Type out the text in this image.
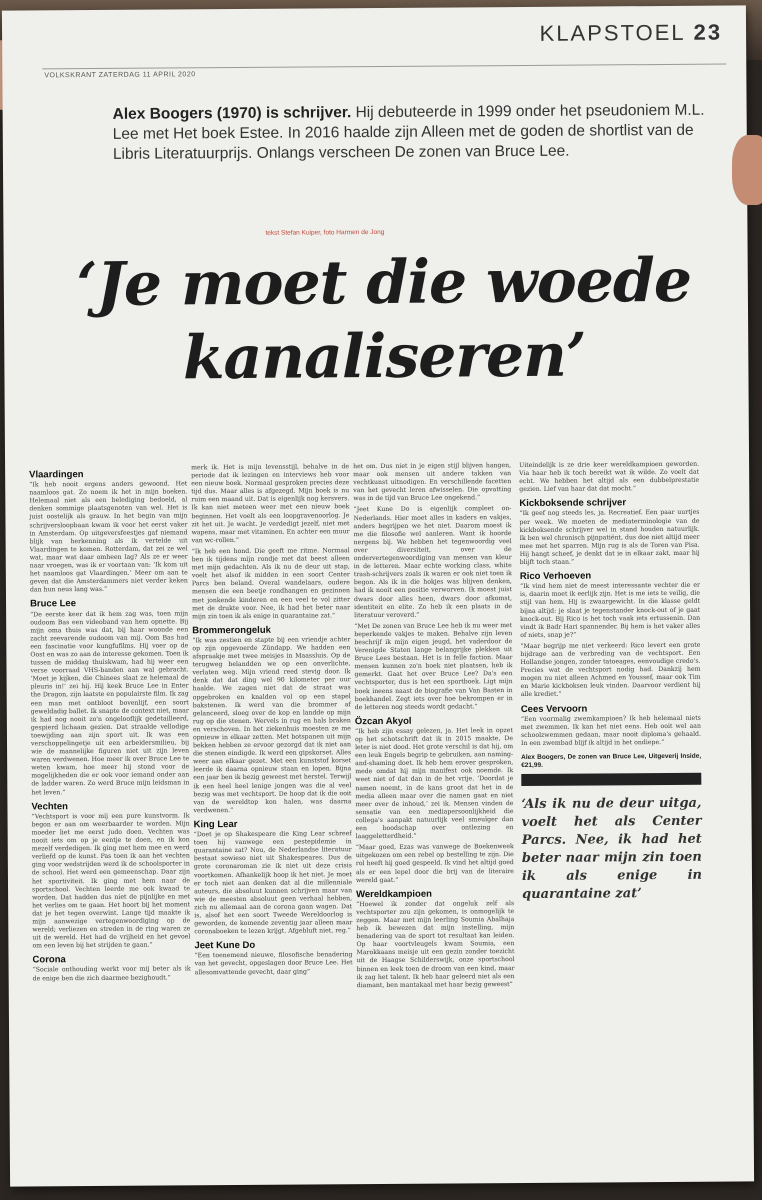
KLAPSTOEL 23
VOLKSKRANT ZATERDAG 11 APRIL 2020
Alex Boogers (1970) is schrijver. Hij debuteerde in 1999 onder het pseudoniem M.L. Lee met Het boek Estee. In 2016 haalde zijn Alleen met de goden de shortlist van de Libris Literatuurprijs. Onlangs verscheen De zonen van Bruce Lee.
tekst Stefan Kuiper, foto Harmen de Jong
‘Je moet die woede kanaliseren’
Vlaardingen

“Ik heb nooit ergens anders gewoond. Het naamloos gat. Zo noem ik het in mijn boeken. Helemaal niet als een belediging bedoeld, al denken sommige plaatsgenoten van wel. Het is juist oostelijk als grauw. In het begin van mijn schrijversloopbaan kwam ik voor het eerst vaker in Amsterdam. Op uitgeversfeestjes gaf niemand blijk van herkenning als ik vertelde uit Vlaardingen te komen. Rotterdam, dat zei ze wel wat, maar wat daar omheen lag? Als ze er weer naar vroegen, was ik er voortaan van: ‘Ik kom uit het naamloos gat Vlaardingen.’ Meer om aan te geven dat die Amsterdammers niet verder keken dan hun neus lang was.”

Bruce Lee

“De eerste keer dat ik hem zag was, toen mijn oudoom Bas een videoband van hem opnette. Bij mijn oma thuis was dat, bij haar woonde een zacht zeevarende oudoom van mij. Oom Bas had een fascinatie voor kungfufilms. Hij voer op de Oost en was zo aan de interesse gekomen. Toen ik tussen de middag thuiskwam, had hij weer een verse voorraad VHS-banden aan wal gebracht. ‘Moet je kijken, die Chinees slaat ze helemaal de pleuris in!’ zei hij. Hij keek Bruce Lee in Enter the Dragon, zijn laatste en populairste film. Ik zag een man met ontbloot bovenlijf, een soort geweldadig ballet. Ik snapte de context niet, maar ik had nog nooit zo'n ongelooflijk gedetailleerd, gespierd lichaam gezien. Dat straalde vellodige toewijding aan zijn sport uit. Ik was een verschoppelingetje uit een arbeidersmilieu, bij wie de mannelijke figuren niet uit zijn leven waren verdwenen. Hoe meer ik over Bruce Lee te weten kwam, hoe meer hij stond voor de mogelijkheden die er ook voor iemand onder aan de ladder waren. Zo werd Bruce mijn leidsman in het leven.”

Vechten

“Vechtsport is voor mij een pure kunstvorm. Ik begon er aan om weerbaarder te worden. Mijn moeder liet me eerst judo doen. Vechten was nooit iets om op je eentje te doen, en ik kon mezelf verdedigen. Ik ging met hem mee en werd verliefd op de kunst. Pas toen ik aan het vechten ging voor wedstrijden werd ik de schoolsporter in de school. Het werd een gemeenschap. Daar zijn het sportiviteit. Ik ging met hem naar de sportschool. Vechten leerde me ook kwaad te worden. Dat hadden dus niet de pijnlijke en met het verlies om te gaan. Het hoort bij het moment dat je het tegen overwint. Lange tijd maakte ik mijn aanwezige vertegenwoordiging op de wereld; verliezen en streden in de ring waren ze uit de wereld. Het had de vrijheid en het gevoel om een leven bij het strijden te gaan.”

Corona

“Sociale onthouding werkt voor mij beter als ik de enige ben die zich daarmee bezighoudt.”

merk ik. Het is mijn levensstijl, behalve in de periode dat ik lezingen en interviews heb voor een nieuw boek. Normaal gesproken precies deze tijd dus. Maar alles is afgezegd. Mijn boek is nu ruim een maand uit. Dat is eigenlijk nog kersvers. Ik kan niet meteen weer met een nieuw boek beginnen. Het voelt als een loopgravenoorlog. Je zit het uit. Je wacht. Je verdedigt jezelf, niet met wapens, maar met vitaminen. En achter een muur van wc-rollen.”

“Ik heb een hond. Die geeft me ritme. Normaal ben ik tijdens mijn rondje met dat beest alleen met mijn gedachten. Als ik nu de deur uit stap, voelt het alsof ik midden in een soort Center Parcs ben beland. Overal wandelaars, oudere mensen die een beetje rondhangen en gezinnen met jonkende kinderen en een veel te vol zitter met de drukte voor. Nee, ik had het beter naar mijn zin toen ik als enige in quarantaine zat.”

Brommerongeluk

“Ik was zestien en stapte bij een vriendje achter op zijn opgevoerde Zündapp. We hadden een afspraakje met twee meisjes in Maassluis. Op de terugweg belandden we op een onverlichte, verlaten weg. Mijn vriend reed stevig door. Ik denk dat dat ding wel 90 kilometer per uur haalde. We zagen niet dat de straat was opgebroken en knalden vol op een stapel bakstenen. Ik werd van die brommer af gelanceerd, sloeg over de kop en landde op mijn rug op die stenen. Wervels in rug en hals braken en verschoven. In het ziekenhuis moesten ze me opnieuw in elkaar zetten. Met botspanen uit mijn bekken hebben ze ervoor gezorgd dat ik niet aan die stenen eindigde. Ik werd een gipskorset. Alles weer aan elkaar gezet. Met een kunststof korset leerde ik daarna opnieuw staan en lopen. Bijna een jaar ben ik bezig geweest met herstel. Terwijl ik een heel heel lenige jongen was die al veel bezig was met vechtsport. De hoop dat ik die ooit van de wereldtop kon halen, was daarna verdwenen.”

King Lear

“Doet je op Shakespeare die King Lear schreef toen hij vanwege een pestepidemie in quarantaine zat? Nou, de Nederlandse literatuur bestaat sowieso niet uit Shakespeares. Dus de grote coronaroman zie ik niet uit deze crisis voortkomen. Afhankelijk hoop ik het niet. Je moet er toch niet aan denken dat al die millenniale auteurs, die absoluut kunnen schrijven maar van wie de meesten absoluut geen verhaal hebben, zich nu allemaal aan de corona gaan wagen. Dat is, alsof het een soort Tweede Wereldoorlog is geworden, de komende zeventig jaar alleen maar coronaboeken te lezen krijgt. Afgebluft niet, reg.”

Jeet Kune Do

“Een toenemend nieuwe, filosofische benadering van het gevecht, opgeslagen door Bruce Lee. Het allesomvattende gevecht, daar ging”

het om. Dus niet in je eigen stijl blijven hangen, maar ook mensen uit andere takken van vechtkunst uitnodigen. En verschillende facetten van het gevecht leren afwisselen. Die opvatting was in de tijd van Bruce Lee ongekend.”

“Jeet Kune Do is eigenlijk compleet on-Nederlands. Hier moet alles in kaders en vakjes, anders begrijpen we het niet. Daarom moest ik me die filosofie wel aanleren. Want ik hoorde nergens bij. We hebben het tegenwoordig veel over diversiteit, over de ondervertegenwoordiging van mensen van kleur in de letteren. Maar echte working class, white trash-schrijvers zoals ik waren er ook niet toen ik begon. Als ik in die hokjes was blijven denken, had ik nooit een positie verworven. Ik moest juist dwars door alles heen, dwars door afkomst, identiteit en elite. Zo heb ik een plaats in de literatuur veroverd.”

“Met De zonen van Bruce Lee heb ik nu weer met beperkende vakjes te maken. Behalve zijn leven beschrijf ik mijn eigen jeugd, het vaderdoor de Verenigde Staten lange belangrijke plekken uit Bruce Lees bestaan. Het is in felle faction. Maar mensen kunnen zo'n boek niet plaatsen, heb ik gemerkt. Gaat het over Bruce Lee? Da's een vechtsporter, dus is het een sportboek. Ligt mijn boek ineens naast de biografie van Van Basten in boekhandel. Zegt iets over hoe bekrompen er in de letteren nog steeds wordt gedacht.”

Özcan Akyol

“Ik heb zijn essay gelezen, ja. Het leek in opzet op het schotschrift dat ik in 2015 maakte, De leter is niet dood. Het grote verschil is dat hij, om een leuk Engels begrip te gebruiken, aan naming-and-shaming doet. Ik heb hem erover gesproken, mede omdat hij mijn manifest ook noemde. Ik weet niet of dat dan in de het vrije. ‘Doordat je namen noemt, in de kans groot dat het in de media alleen maar over die namen gaat en niet meer over de inhoud,’ zei ik. Mensen vinden de sensatie van een mediapersoonlijkheid die collega's aanpakt natuurlijk veel smeuïger dan een boodschap over ontlezing en laaggeletterdheid.”

“Maar goed, Ezas was vanwege de Boekenweek uitgekozen om een rebel op bestelling te zijn. Die rol heeft hij goed gespeeld. Ik vind het altijd goed als er een lepel door die brij van de literaire wereld gaat.”

Wereldkampioen

“Hoewel ik zonder dat ongeluk zelf als vechtsporter zou zijn gekomen, is onmogelijk te zeggen. Maar met mijn leerling Soumia Abalhaja heb ik bewezen dat mijn instelling, mijn benadering van de sport tot resultaat kan leiden. Op haar voortvleugels kwam Soumia, een Marokkaans meisje uit een gezin zonder toezicht uit de Haagse Schilderswijk, onze sportschool binnen en leek toen de droom van een kind, maar ik zag het talent. Ik heb haar geleerd niet als een diamant, ben mantakaal met haar bezig geweest”

Uiteindelijk is ze drie keer wereldkampioen geworden. Via haar heb ik toch bereikt wat ik wilde. Zo voelt dat echt. We hebben het altijd als een dubbelprestatie gezien. Lief van haar dat dat mocht.”

Kickboksende schrijver

“Ik geef nog steeds les, ja. Recreatief. Een paar uurtjes per week. We moeten de mediaterminologie van de kickboksende schrijver wel in stand houden natuurlijk. Ik ben wel chronisch pijnpatiënt, dus doe niet altijd meer mee met het sparren. Mijn rug is als de Toren van Pisa. Hij hangt scheef, je denkt dat ie in elkaar zakt, maar hij blijft toch staan.”

Rico Verhoeven

“Ik vind hem niet de meest interessante vechter die er is, daarin moet ik eerlijk zijn. Het is me iets te veilig, die stijl van hem. Hij is zwaargewicht. In die klasse geldt bijna altijd: je slaat je tegenstander knock-out of je gaat knock-out. Bij Rico is het toch vaak iets ertussenin. Dan vindt ik Badr Hari spannender. Bij hem is het vaker alles of niets, snap je?”

“Maar begrijp me niet verkeerd: Rico levert een grote bijdrage aan de verbreding van de vechtsport. Een Hollandse jongen, zonder tatoeages, eenvoudige credo's. Precies wat de vechtsport nodig had. Dankzij hem mogen nu niet alleen Achmed en Youssef, maar ook Tim en Marie kickboksen leuk vinden. Daarvoor verdient hij alle krediet.”

Cees Vervoorn

“Een voormalig zwemkampioen? Ik heb helemaal niets met zwemmen. Ik kan het niet eens. Heb ooit wel aan schoolzwemmen gedaan, maar nooit diploma's gehaald. In een zwembad blijf ik altijd in het ondiepe.”

Alex Boogers, De zonen van Bruce Lee, Uitgeverij Inside, €21,99.
‘Als ik nu de deur uitga, voelt het als Center Parcs. Nee, ik had het beter naar mijn zin toen ik als enige in quarantaine zat’
